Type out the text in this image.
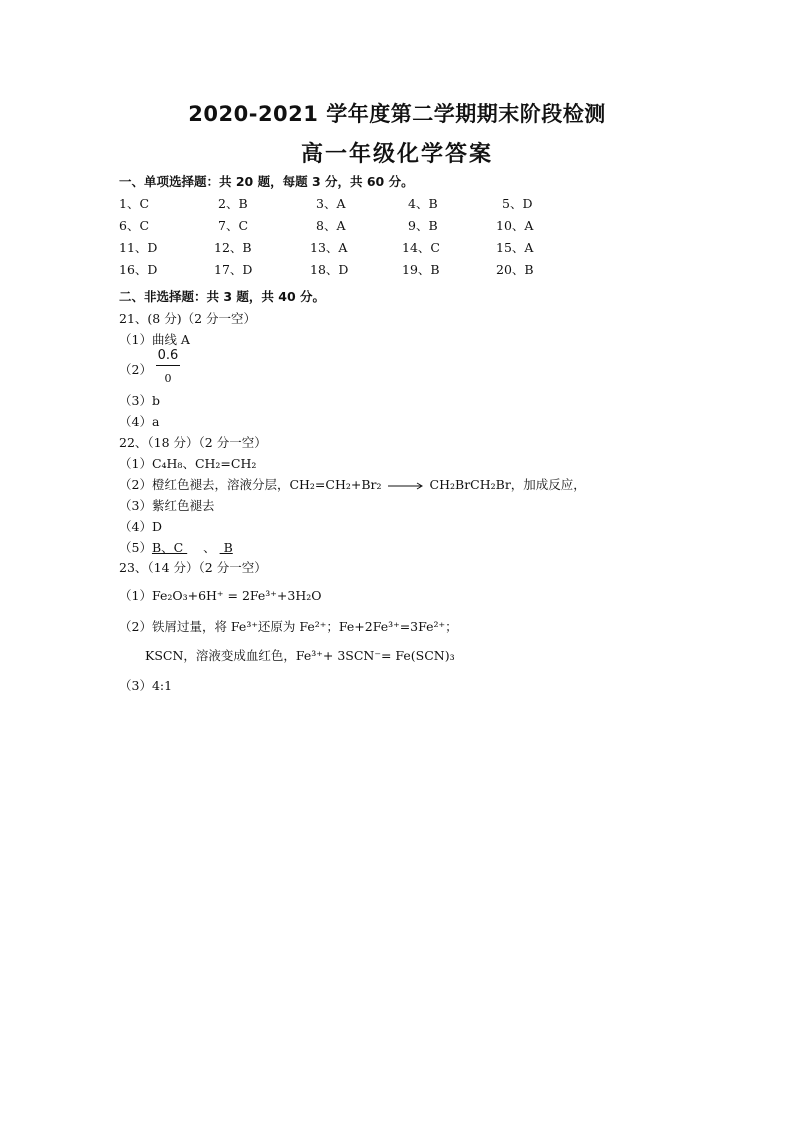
2020-2021 学年度第二学期期末阶段检测
高一年级化学答案
一、单项选择题：共 20 题，每题 3 分，共 60 分。
1、C	2、B	3、A	4、B	5、D
6、C	7、C	8、A	9、B	10、A
11、D	12、B	13、A	14、C	15、A
16、D	17、D	18、D	19、B	20、B
二、非选择题：共 3 题，共 40 分。
21、(8 分)（2 分一空）
（1）曲线 A
（2）
0.6
0
（3）b
（4）a
22、（18 分）（2 分一空）
（1）C₄H₈、CH₂=CH₂
（2）橙红色褪去，溶液分层，CH₂=CH₂+Br₂ → CH₂BrCH₂Br，加成反应，
（3）紫红色褪去
（4）D
（5）B、C     、  B
23、（14 分）（2 分一空）
（1）Fe₂O₃+6H⁺ = 2Fe³⁺+3H₂O
（2）铁屑过量，将 Fe³⁺还原为 Fe²⁺；Fe+2Fe³⁺=3Fe²⁺；
KSCN，溶液变成血红色，Fe³⁺+ 3SCN⁻= Fe(SCN)₃
（3）4:1
